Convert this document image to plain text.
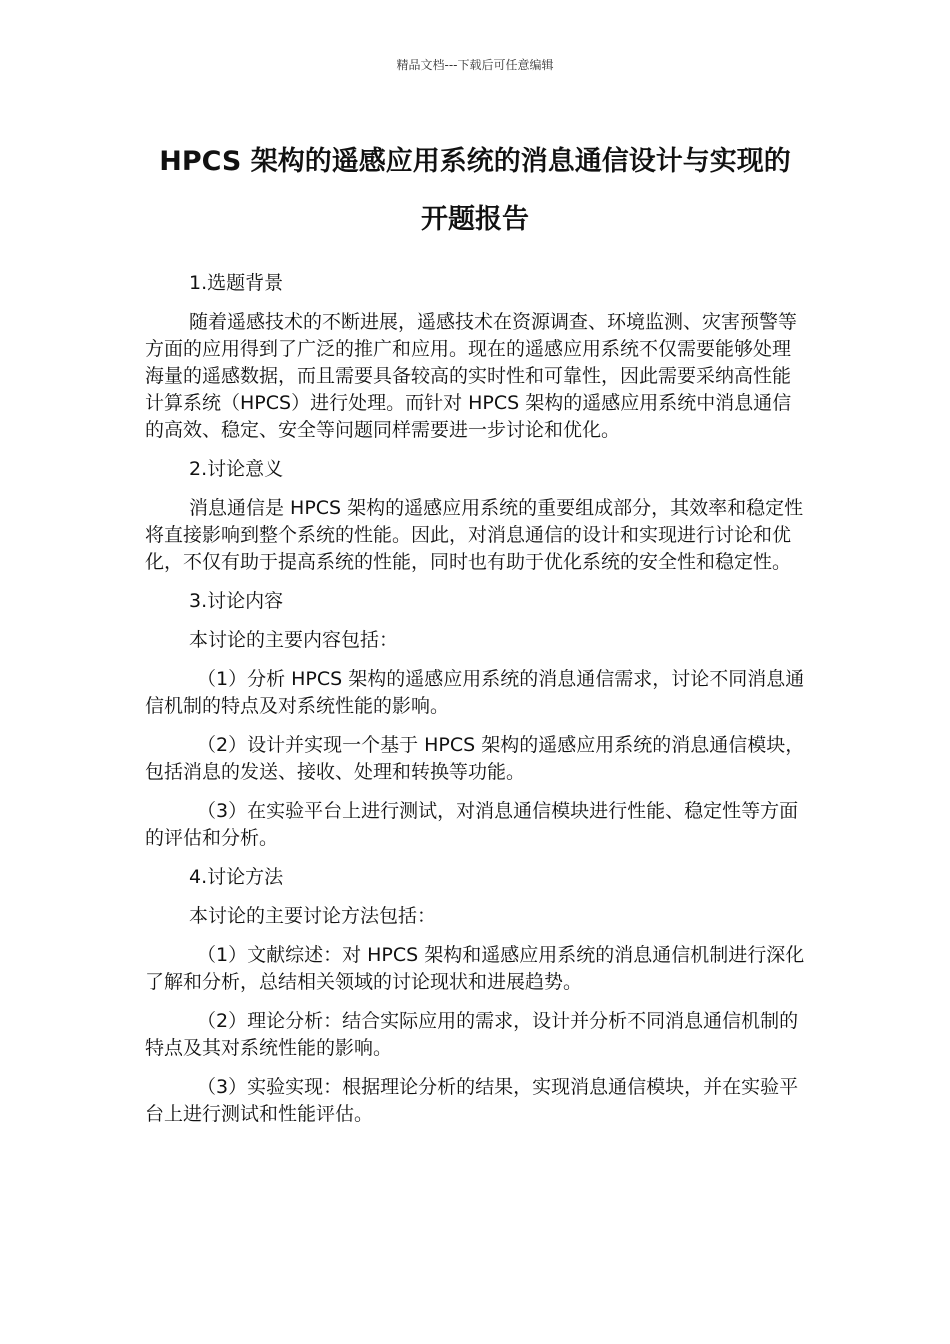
精品文档---下载后可任意编辑
HPCS 架构的遥感应用系统的消息通信设计与实现的
开题报告

1.选题背景

随着遥感技术的不断进展，遥感技术在资源调查、环境监测、灾害预警等方面的应用得到了广泛的推广和应用。现在的遥感应用系统不仅需要能够处理海量的遥感数据，而且需要具备较高的实时性和可靠性，因此需要采纳高性能计算系统（HPCS）进行处理。而针对 HPCS 架构的遥感应用系统中消息通信的高效、稳定、安全等问题同样需要进一步讨论和优化。

2.讨论意义

消息通信是 HPCS 架构的遥感应用系统的重要组成部分，其效率和稳定性将直接影响到整个系统的性能。因此，对消息通信的设计和实现进行讨论和优化，不仅有助于提高系统的性能，同时也有助于优化系统的安全性和稳定性。

3.讨论内容

本讨论的主要内容包括：

（1）分析 HPCS 架构的遥感应用系统的消息通信需求，讨论不同消息通信机制的特点及对系统性能的影响。

（2）设计并实现一个基于 HPCS 架构的遥感应用系统的消息通信模块，包括消息的发送、接收、处理和转换等功能。

（3）在实验平台上进行测试，对消息通信模块进行性能、稳定性等方面的评估和分析。

4.讨论方法

本讨论的主要讨论方法包括：

（1）文献综述：对 HPCS 架构和遥感应用系统的消息通信机制进行深化了解和分析，总结相关领域的讨论现状和进展趋势。

（2）理论分析：结合实际应用的需求，设计并分析不同消息通信机制的特点及其对系统性能的影响。

（3）实验实现：根据理论分析的结果，实现消息通信模块，并在实验平台上进行测试和性能评估。
